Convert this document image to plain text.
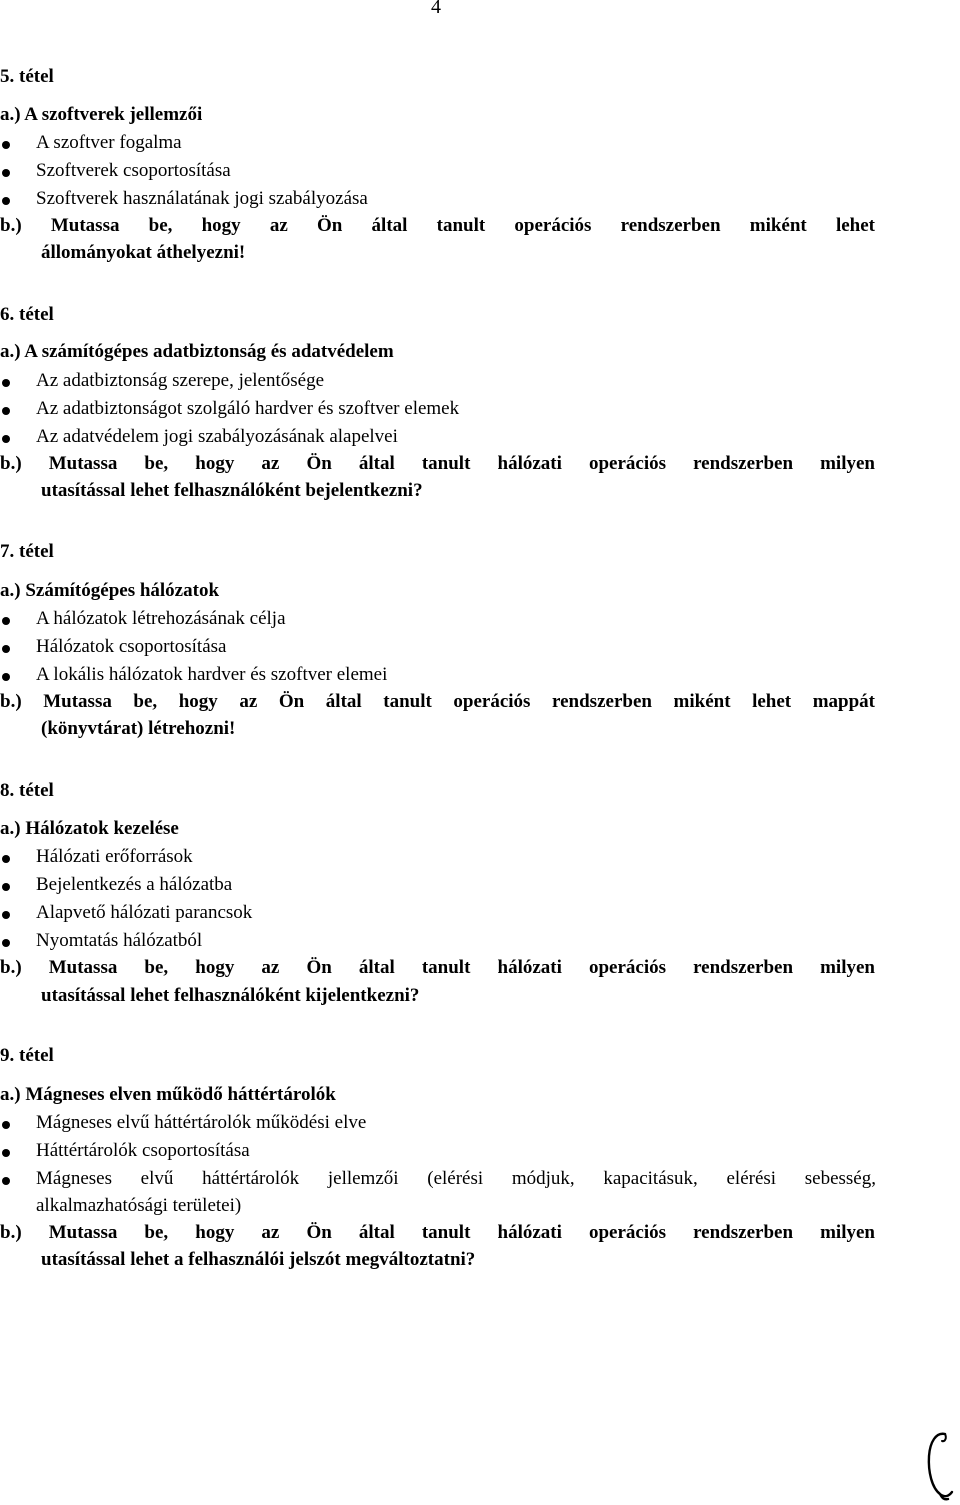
4
5. tétel
a.) A szoftverek jellemzői
A szoftver fogalma
Szoftverek csoportosítása
Szoftverek használatának jogi szabályozása
b.) Mutassa be, hogy az Ön által tanult operációs rendszerben miként lehet
állományokat áthelyezni!
6. tétel
a.) A számítógépes adatbiztonság és adatvédelem
Az adatbiztonság szerepe, jelentősége
Az adatbiztonságot szolgáló hardver és szoftver elemek
Az adatvédelem jogi szabályozásának alapelvei
b.) Mutassa be, hogy az Ön által tanult hálózati operációs rendszerben milyen
utasítással lehet felhasználóként bejelentkezni?
7. tétel
a.) Számítógépes hálózatok
A hálózatok létrehozásának célja
Hálózatok csoportosítása
A lokális hálózatok hardver és szoftver elemei
b.) Mutassa be, hogy az Ön által tanult operációs rendszerben miként lehet mappát
(könyvtárat) létrehozni!
8. tétel
a.) Hálózatok kezelése
Hálózati erőforrások
Bejelentkezés a hálózatba
Alapvető hálózati parancsok
Nyomtatás hálózatból
b.) Mutassa be, hogy az Ön által tanult hálózati operációs rendszerben milyen
utasítással lehet felhasználóként kijelentkezni?
9. tétel
a.) Mágneses elven működő háttértárolók
Mágneses elvű háttértárolók működési elve
Háttértárolók csoportosítása
Mágneses elvű háttértárolók jellemzői (elérési módjuk, kapacitásuk, elérési sebesség,
alkalmazhatósági területei)
b.) Mutassa be, hogy az Ön által tanult hálózati operációs rendszerben milyen
utasítással lehet a felhasználói jelszót megváltoztatni?
